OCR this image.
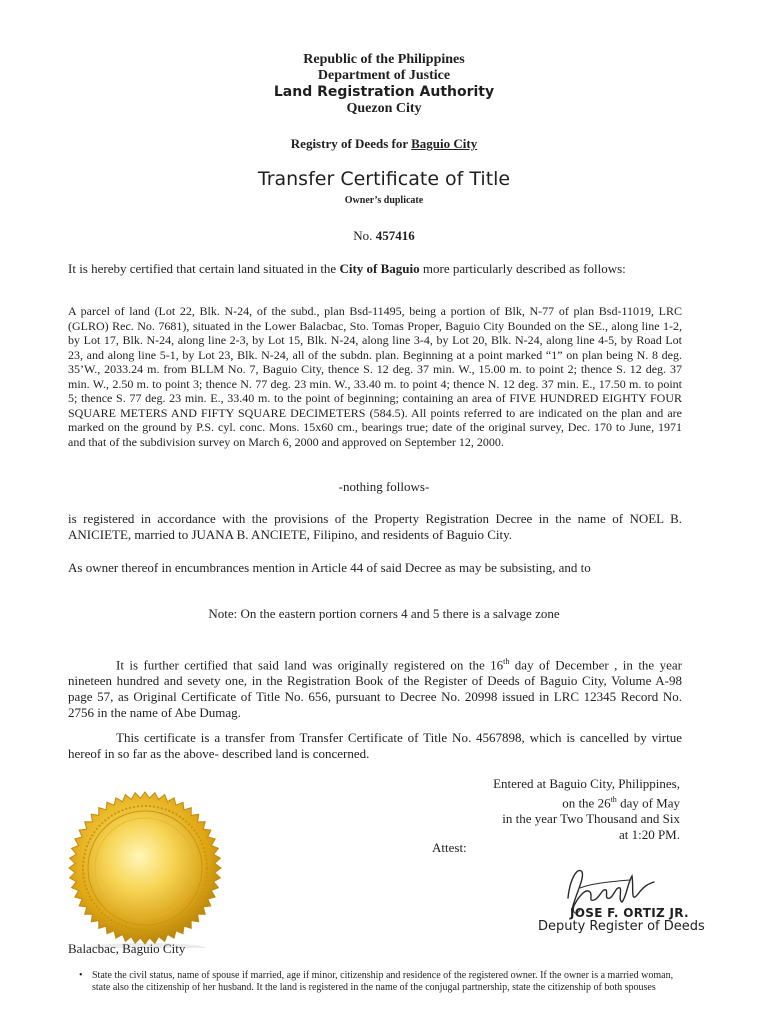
Republic of the Philippines
Department of Justice
Land Registration Authority
Quezon City
Registry of Deeds for Baguio City
Transfer Certificate of Title
Owner’s duplicate
No. 457416
It is hereby certified that certain land situated in the City of Baguio more particularly described as follows:
A parcel of land (Lot 22, Blk. N-24, of the subd., plan Bsd-11495, being a portion of Blk, N-77 of plan Bsd-11019, LRC (GLRO) Rec. No. 7681), situated in the Lower Balacbac, Sto. Tomas Proper, Baguio City Bounded on the SE., along line 1-2, by Lot 17, Blk. N-24, along line 2-3, by Lot 15, Blk. N-24, along line 3-4, by Lot 20, Blk. N-24, along line 4-5, by Road Lot 23, and along line 5-1, by Lot 23, Blk. N-24, all of the subdn. plan. Beginning at a point marked “1” on plan being N. 8 deg. 35’W., 2033.24 m. from BLLM No. 7, Baguio City, thence S. 12 deg. 37 min. W., 15.00 m. to point 2; thence S. 12 deg. 37 min. W., 2.50 m. to point 3; thence N. 77 deg. 23 min. W., 33.40 m. to point 4; thence N. 12 deg. 37 min. E., 17.50 m. to point 5; thence S. 77 deg. 23 min. E., 33.40 m. to the point of beginning; containing an area of FIVE HUNDRED EIGHTY FOUR SQUARE METERS AND FIFTY SQUARE DECIMETERS (584.5). All points referred to are indicated on the plan and are marked on the ground by P.S. cyl. conc. Mons. 15x60 cm., bearings true; date of the original survey, Dec. 170 to June, 1971 and that of the subdivision survey on March 6, 2000 and approved on September 12, 2000.
-nothing follows-
is registered in accordance with the provisions of the Property Registration Decree in the name of NOEL B. ANICIETE, married to JUANA B. ANCIETE, Filipino, and residents of Baguio City.
As owner thereof in encumbrances mention in Article 44 of said Decree as may be subsisting, and to
Note: On the eastern portion corners 4 and 5 there is a salvage zone
It is further certified that said land was originally registered on the 16th day of December , in the year nineteen hundred and sevety one, in the Registration Book of the Register of Deeds of Baguio City, Volume A-98 page 57, as Original Certificate of Title No. 656, pursuant to Decree No. 20998 issued in LRC 12345 Record No. 2756 in the name of Abe Dumag.
This certificate is a transfer from Transfer Certificate of Title No. 4567898, which is cancelled by virtue hereof in so far as the above- described land is concerned.
Entered at Baguio City, Philippines,
on the 26th day of May
in the year Two Thousand and Six
at 1:20 PM.
Attest:
JOSE F. ORTIZ JR.
Deputy Register of Deeds
Balacbac, Baguio City
• State the civil status, name of spouse if married, age if minor, citizenship and residence of the registered owner. If the owner is a married woman, state also the citizenship of her husband. It the land is registered in the name of the conjugal partnership, state the citizenship of both spouses
